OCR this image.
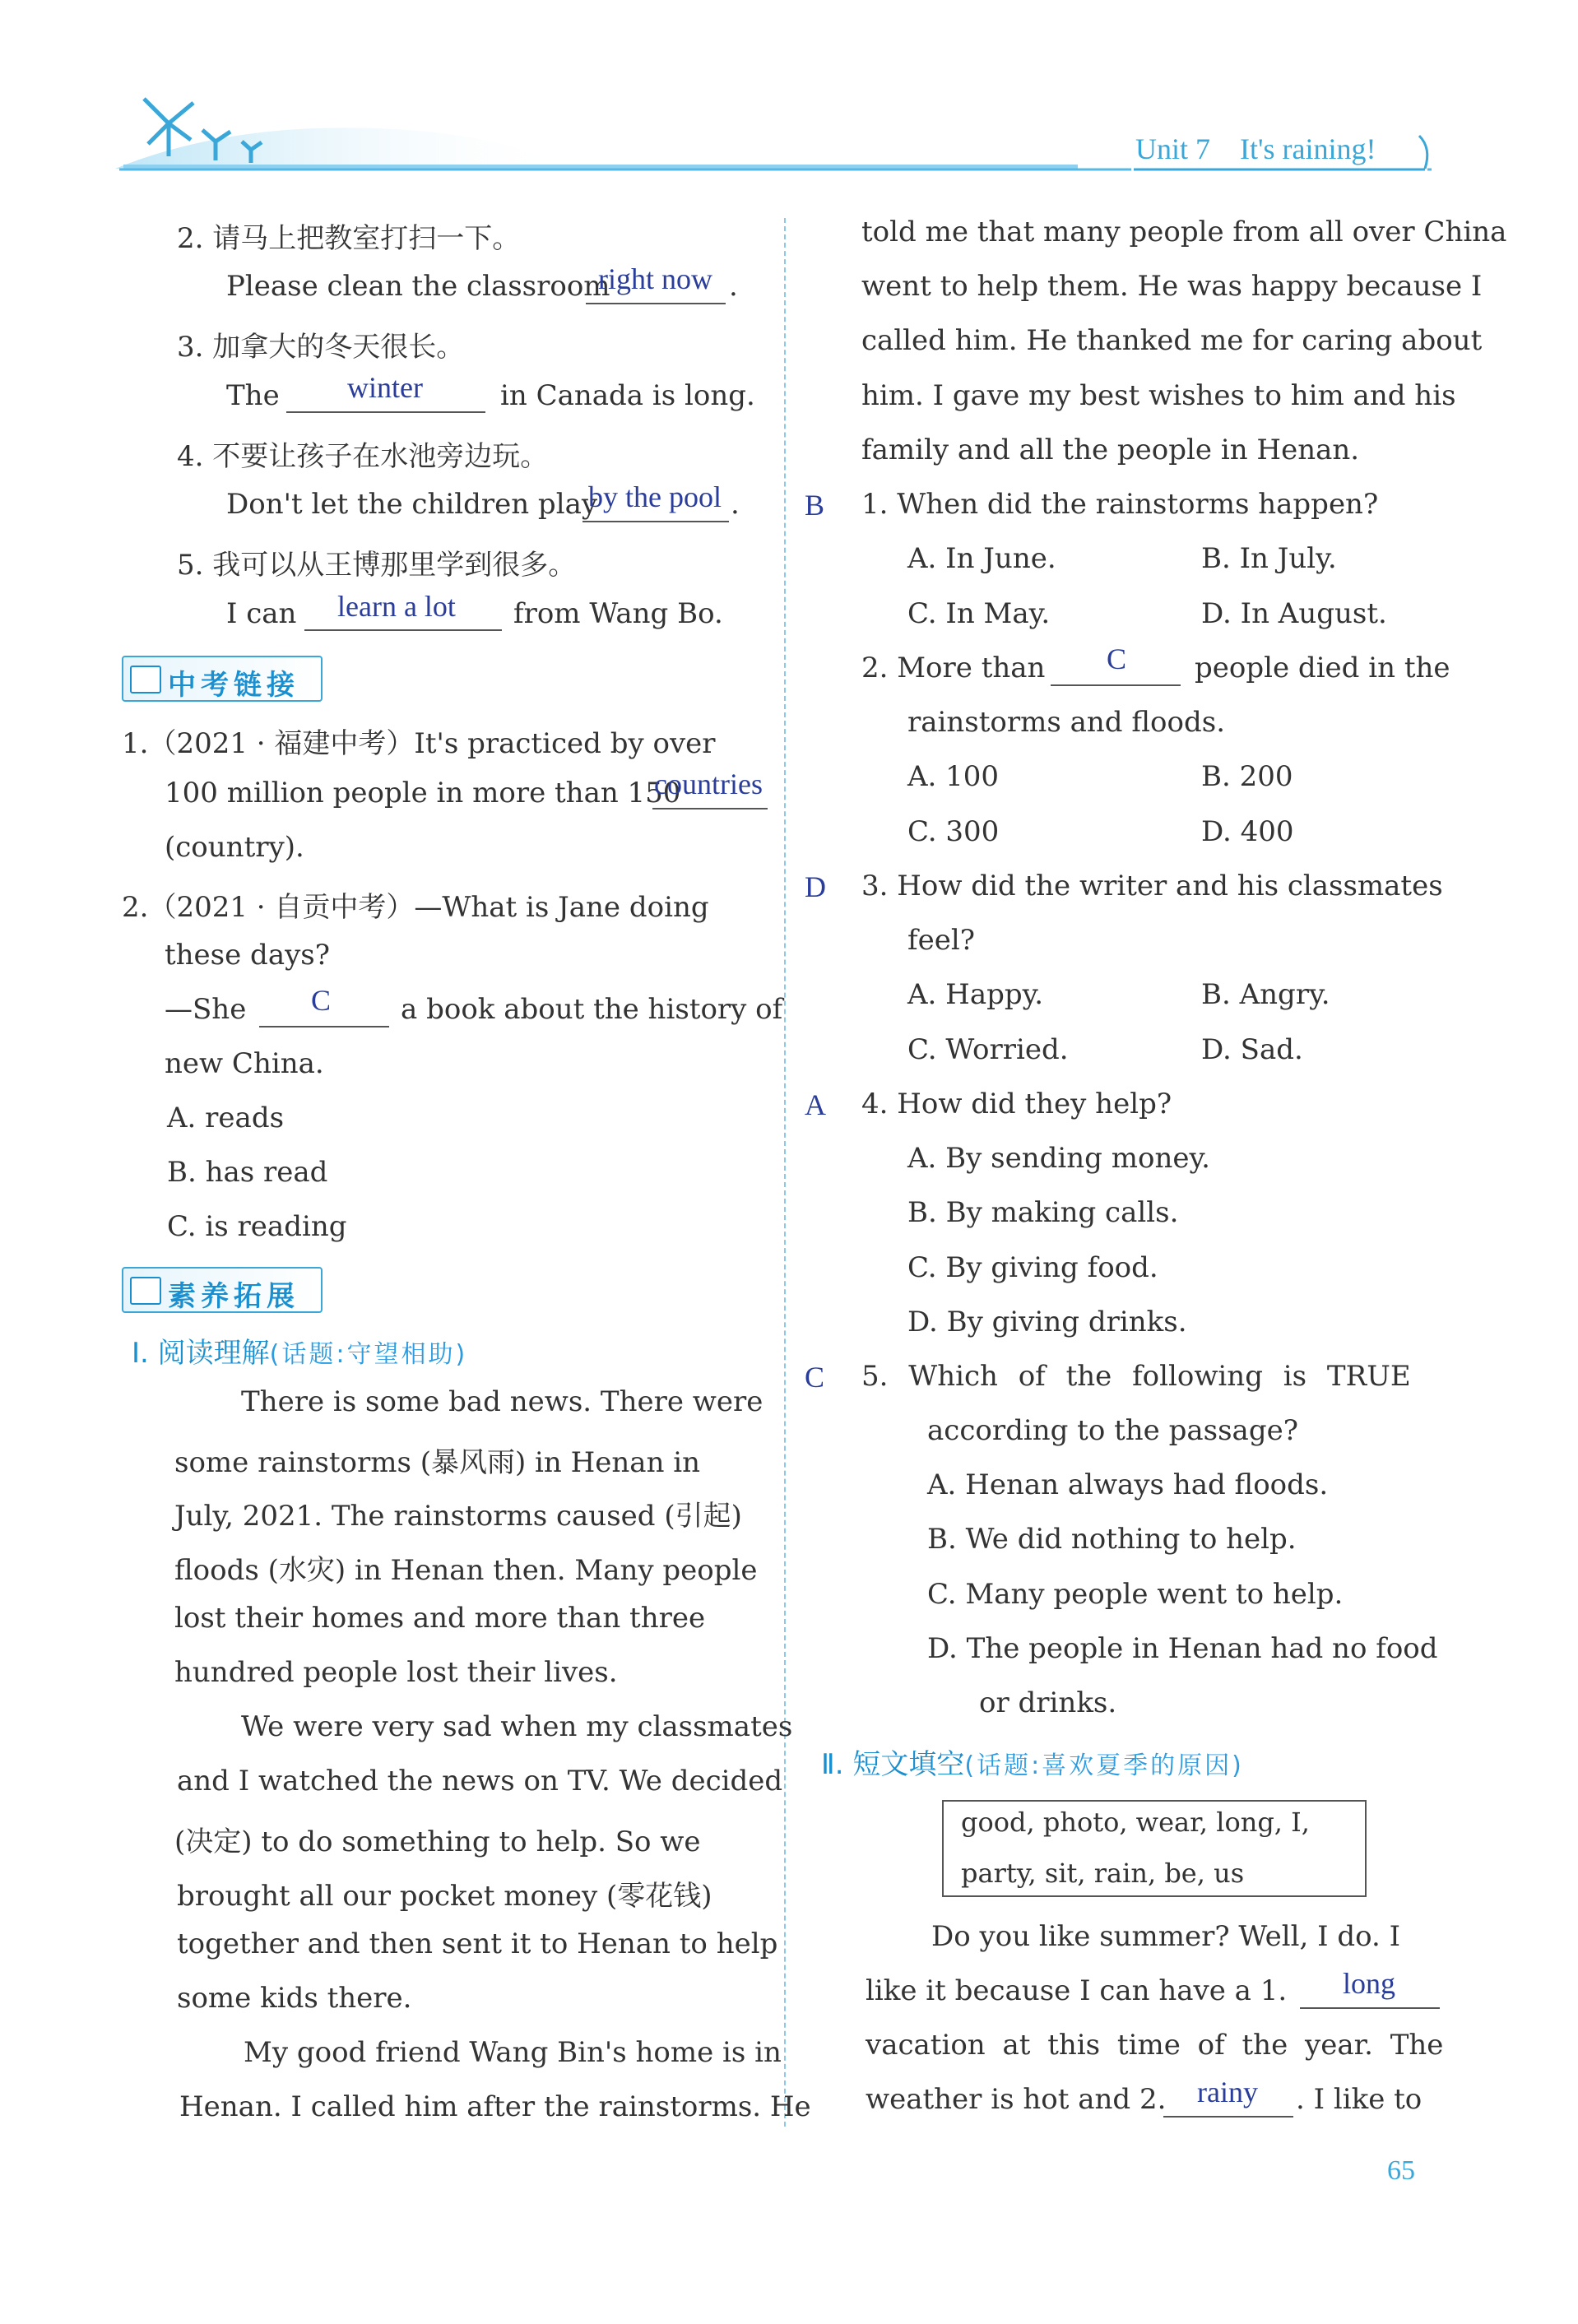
Unit 7    It's raining!
2. 请马上把教室打扫一下。
Please clean the classroom
right now .
3. 加拿大的冬天很长。
The winter	in Canada is long.
4. 不要让孩子在水池旁边玩。
Don't let the children play
by the pool .
5. 我可以从王博那里学到很多。
I can learn a lot from Wang Bo.
中考链接
1.（2021 · 福建中考）It's practiced by over
100 million people in more than 150
countries
(country).
2.（2021 · 自贡中考）—What is Jane doing
these days?
—She C a book about the history of
new China.
A. reads
B. has read
C. is reading
素养拓展
Ⅰ. 阅读理解(话题:守望相助)
There is some bad news. There were
some rainstorms (暴风雨) in Henan in
July, 2021. The rainstorms caused (引起)
floods (水灾) in Henan then. Many people
lost their homes and more than three
hundred people lost their lives.
We were very sad when my classmates
and I watched the news on TV. We decided
(决定) to do something to help. So we
brought all our pocket money (零花钱)
together and then sent it to Henan to help
some kids there.
My good friend Wang Bin's home is in
Henan. I called him after the rainstorms. He
told me that many people from all over China
went to help them. He was happy because I
called him. He thanked me for caring about
him. I gave my best wishes to him and his
family and all the people in Henan.
B 1. When did the rainstorms happen?
A. In June.	B. In July.
C. In May.	D. In August.
2. More than C people died in the
rainstorms and floods.
A. 100	B. 200
C. 300	D. 400
D 3. How did the writer and his classmates
feel?
A. Happy.	B. Angry.
C. Worried.	D. Sad.
A 4. How did they help?
A. By sending money.
B. By making calls.
C. By giving food.
D. By giving drinks.
C 5. Which of the following is TRUE
according to the passage?
A. Henan always had floods.
B. We did nothing to help.
C. Many people went to help.
D. The people in Henan had no food
or drinks.
Ⅱ. 短文填空(话题:喜欢夏季的原因)
good, photo, wear, long, I,
party, sit, rain, be, us
Do you like summer? Well, I do. I
like it because I can have a 1. long
vacation at this time of the year. The
weather is hot and 2. rainy . I like to
65
